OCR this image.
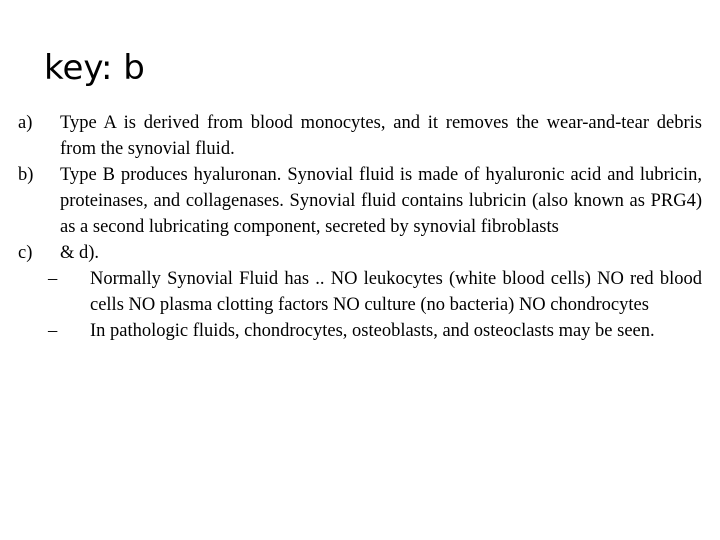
key: b
a) Type A is derived from blood monocytes, and it removes the wear-and-tear debris from the synovial fluid.
b) Type B produces hyaluronan. Synovial fluid is made of hyaluronic acid and lubricin, proteinases, and collagenases. Synovial fluid contains lubricin (also known as PRG4) as a second lubricating component, secreted by synovial fibroblasts
c) & d).
– Normally Synovial Fluid has .. NO leukocytes (white blood cells) NO red blood cells NO plasma clotting factors NO culture (no bacteria) NO chondrocytes
– In pathologic fluids, chondrocytes, osteoblasts, and osteoclasts may be seen.
